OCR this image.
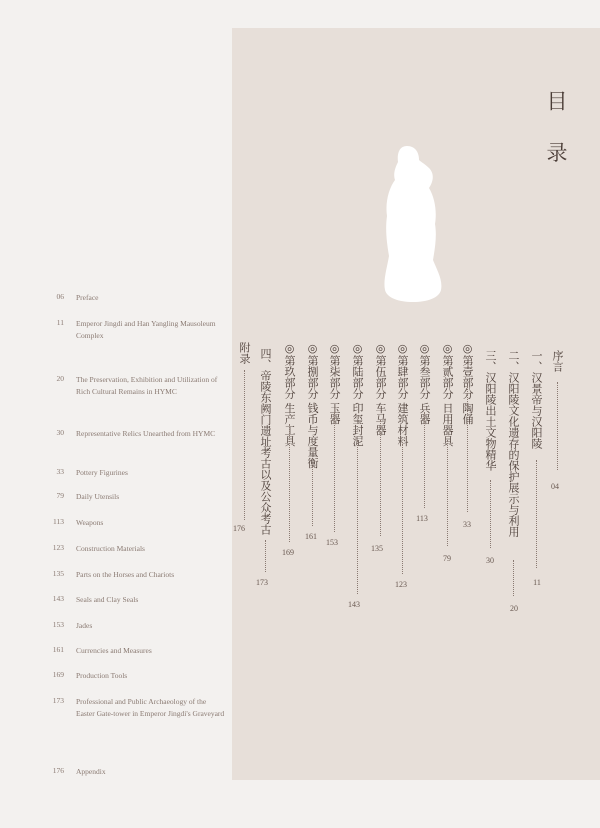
目 录
06 Preface
11 Emperor Jingdi and Han Yangling Mausoleum Complex
20 The Preservation, Exhibition and Utilization of Rich Cultural Remains in HYMC
30 Representative Relics Unearthed from HYMC
33 Pottery Figurines
79 Daily Utensils
113 Weapons
123 Construction Materials
135 Parts on the Horses and Chariots
143 Seals and Clay Seals
153 Jades
161 Currencies and Measures
169 Production Tools
173 Professional and Public Archaeology of the Easter Gate-tower in Emperor Jingdi's Graveyard
176 Appendix
序言
04
一、汉景帝与汉阳陵
11
二、汉阳陵文化遗存的保护展示与利用
20
三、汉阳陵出土文物精华
30
◎第壹部分 陶俑
33
◎第贰部分 日用器具
79
◎第叁部分 兵器
113
◎第肆部分 建筑材料
123
◎第伍部分 车马器
135
◎第陆部分 印玺封泥
143
◎第柒部分 玉器
153
◎第捌部分 钱币与度量衡
161
◎第玖部分 生产工具
169
四、帝陵东阙门遗址考古以及公众考古
173
附录
176
